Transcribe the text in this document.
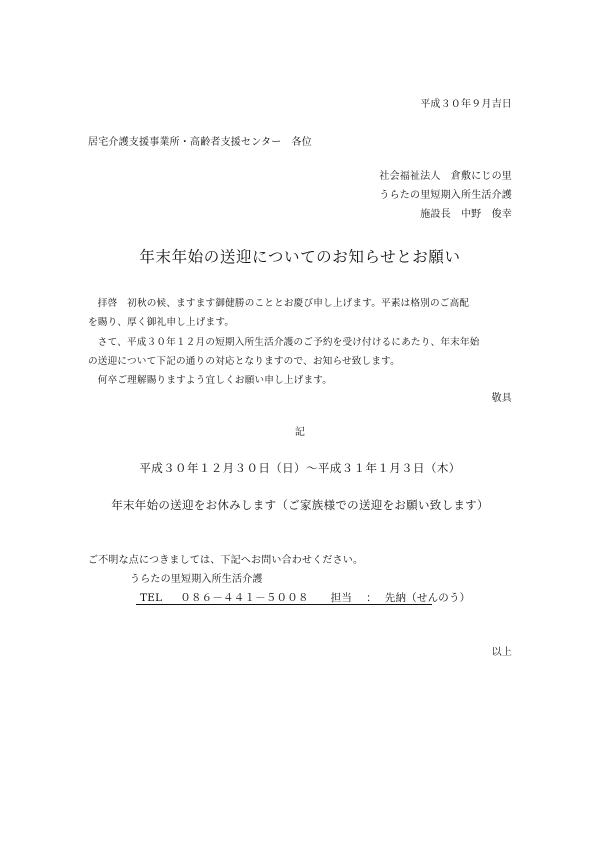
平成３０年９月吉日
居宅介護支援事業所・高齢者支援センター　各位
社会福祉法人　倉敷にじの里
うらたの里短期入所生活介護
施設長　中野　俊幸
年末年始の送迎についてのお知らせとお願い
　拝啓　初秋の候、ますます御健勝のこととお慶び申し上げます。平素は格別のご高配
を賜り、厚く御礼申し上げます。
　さて、平成３０年１２月の短期入所生活介護のご予約を受け付けるにあたり、年末年始
の送迎について下記の通りの対応となりますので、お知らせ致します。
　何卒ご理解賜りますよう宜しくお願い申し上げます。
敬具
記
平成３０年１２月３０日（日）～平成３１年１月３日（木）
年末年始の送迎をお休みします（ご家族様での送迎をお願い致します）
ご不明な点につきましては、下記へお問い合わせください。
うらたの里短期入所生活介護
TEL ０８６－４４１－５００８ 担当 ： 先納（せんのう）
以上
